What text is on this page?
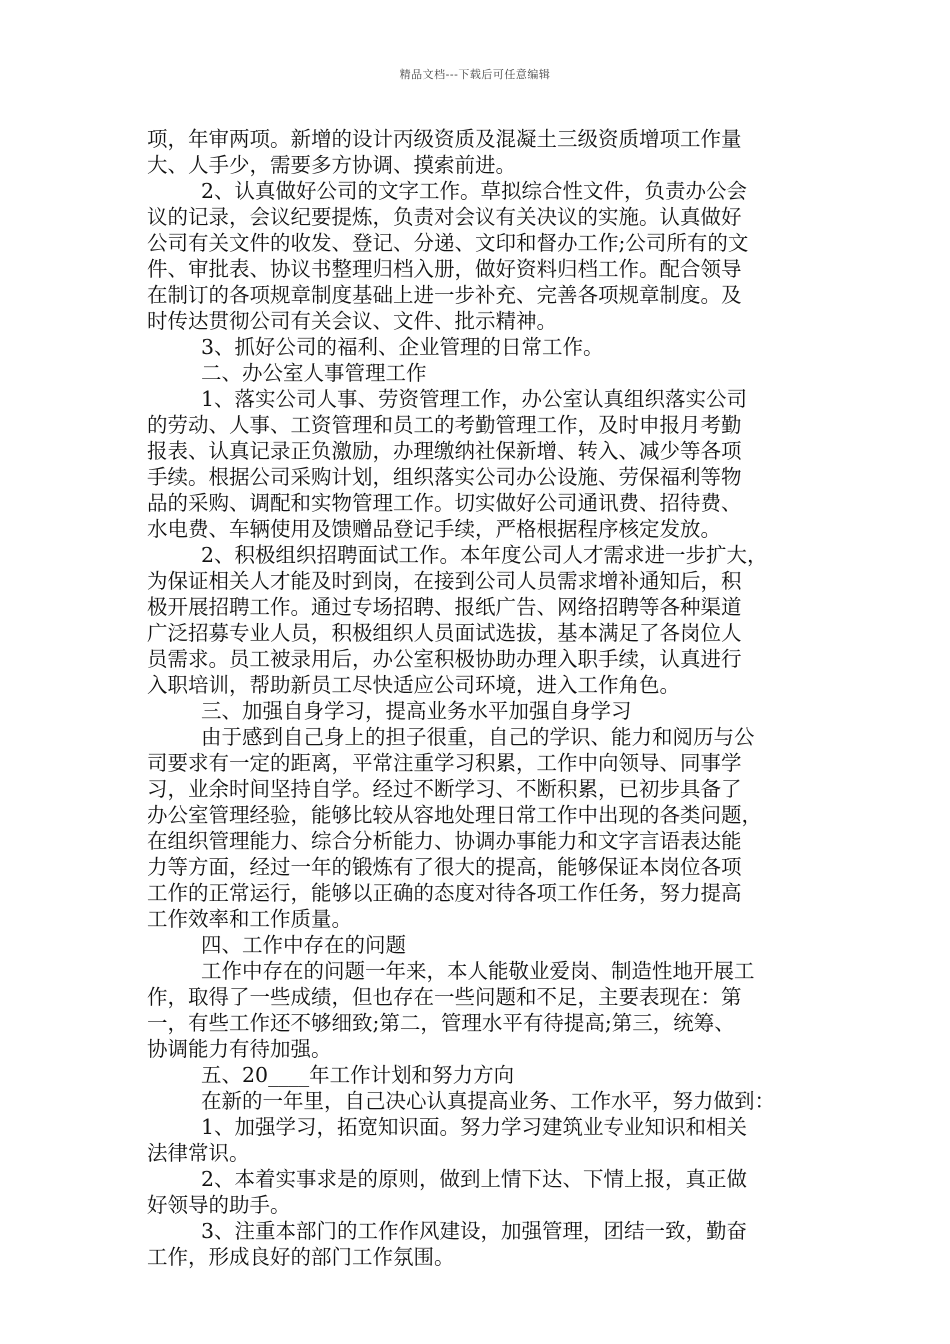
精品文档---下载后可任意编辑
项，年审两项。新增的设计丙级资质及混凝土三级资质增项工作量
大、人手少，需要多方协调、摸索前进。
2、认真做好公司的文字工作。草拟综合性文件，负责办公会
议的记录，会议纪要提炼，负责对会议有关决议的实施。认真做好
公司有关文件的收发、登记、分递、文印和督办工作;公司所有的文
件、审批表、协议书整理归档入册，做好资料归档工作。配合领导
在制订的各项规章制度基础上进一步补充、完善各项规章制度。及
时传达贯彻公司有关会议、文件、批示精神。
3、抓好公司的福利、企业管理的日常工作。
二、办公室人事管理工作
1、落实公司人事、劳资管理工作，办公室认真组织落实公司
的劳动、人事、工资管理和员工的考勤管理工作，及时申报月考勤
报表、认真记录正负激励，办理缴纳社保新增、转入、减少等各项
手续。根据公司采购计划，组织落实公司办公设施、劳保福利等物
品的采购、调配和实物管理工作。切实做好公司通讯费、招待费、
水电费、车辆使用及馈赠品登记手续，严格根据程序核定发放。
2、积极组织招聘面试工作。本年度公司人才需求进一步扩大，
为保证相关人才能及时到岗，在接到公司人员需求增补通知后，积
极开展招聘工作。通过专场招聘、报纸广告、网络招聘等各种渠道
广泛招募专业人员，积极组织人员面试选拔，基本满足了各岗位人
员需求。员工被录用后，办公室积极协助办理入职手续，认真进行
入职培训，帮助新员工尽快适应公司环境，进入工作角色。
三、加强自身学习，提高业务水平加强自身学习
由于感到自己身上的担子很重，自己的学识、能力和阅历与公
司要求有一定的距离，平常注重学习积累，工作中向领导、同事学
习，业余时间坚持自学。经过不断学习、不断积累，已初步具备了
办公室管理经验，能够比较从容地处理日常工作中出现的各类问题，
在组织管理能力、综合分析能力、协调办事能力和文字言语表达能
力等方面，经过一年的锻炼有了很大的提高，能够保证本岗位各项
工作的正常运行，能够以正确的态度对待各项工作任务，努力提高
工作效率和工作质量。
四、工作中存在的问题
工作中存在的问题一年来，本人能敬业爱岗、制造性地开展工
作，取得了一些成绩，但也存在一些问题和不足，主要表现在：第
一，有些工作还不够细致;第二，管理水平有待提高;第三，统筹、
协调能力有待加强。
五、20____年工作计划和努力方向
在新的一年里，自己决心认真提高业务、工作水平，努力做到：
1、加强学习，拓宽知识面。努力学习建筑业专业知识和相关
法律常识。
2、本着实事求是的原则，做到上情下达、下情上报，真正做
好领导的助手。
3、注重本部门的工作作风建设，加强管理，团结一致，勤奋
工作，形成良好的部门工作氛围。
